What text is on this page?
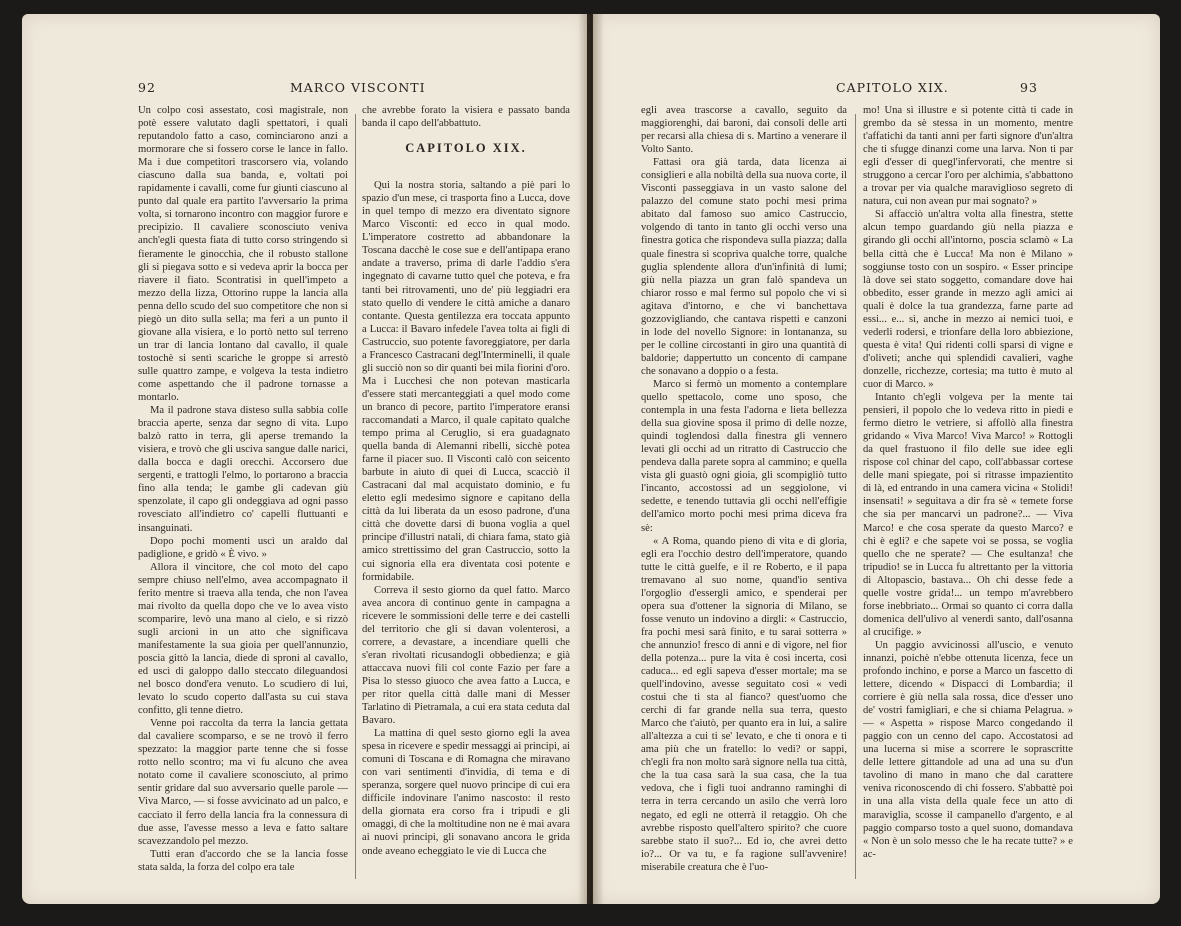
92	MARCO VISCONTI

Un colpo così assestato, così magistrale, non potè essere valutato dagli spettatori, i quali reputandolo fatto a caso, cominciarono anzi a mormorare che si fossero corse le lance in fallo. Ma i due competitori trascorsero via, volando ciascuno dalla sua banda, e, voltati poi rapidamente i cavalli, come fur giunti ciascuno al punto dal quale era partito l'avversario la prima volta, si tornarono incontro con maggior furore e precipizio. Il cavaliere sconosciuto veniva anch'egli questa fiata di tutto corso stringendo sì fieramente le ginocchia, che il robusto stallone gli si piegava sotto e si vedeva aprir la bocca per riavere il fiato. Scontratisi in quell'impeto a mezzo della lizza, Ottorino ruppe la lancia alla penna dello scudo del suo competitore che non si piegò un dito sulla sella; ma ferì a un punto il giovane alla visiera, e lo portò netto sul terreno un trar di lancia lontano dal cavallo, il quale tostochè si sentì scariche le groppe si arrestò sulle quattro zampe, e volgeva la testa indietro come aspettando che il padrone tornasse a montarlo.

Ma il padrone stava disteso sulla sabbia colle braccia aperte, senza dar segno di vita. Lupo balzò ratto in terra, gli aperse tremando la visiera, e trovò che gli usciva sangue dalle narici, dalla bocca e dagli orecchi. Accorsero due sergenti, e trattogli l'elmo, lo portarono a braccia fino alla tenda; le gambe gli cadevan giù spenzolate, il capo gli ondeggiava ad ogni passo rovesciato all'indietro co' capelli fluttuanti e insanguinati.

Dopo pochi momenti uscì un araldo dal padiglione, e gridò « È vivo. »

Allora il vincitore, che col moto del capo sempre chiuso nell'elmo, avea accompagnato il ferito mentre si traeva alla tenda, che non l'avea mai rivolto da quella dopo che ve lo avea visto scomparire, levò una mano al cielo, e si rizzò sugli arcioni in un atto che significava manifestamente la sua gioia per quell'annunzio, poscia gittò la lancia, diede di sproni al cavallo, ed uscì di galoppo dallo steccato dileguandosi nel bosco dond'era venuto. Lo scudiero di lui, levato lo scudo coperto dall'asta su cui stava confitto, gli tenne dietro.

Venne poi raccolta da terra la lancia gettata dal cavaliere scomparso, e se ne trovò il ferro spezzato: la maggior parte tenne che si fosse rotto nello scontro; ma vi fu alcuno che avea notato come il cavaliere sconosciuto, al primo sentir gridare dal suo avversario quelle parole — Viva Marco, — si fosse avvicinato ad un palco, e cacciato il ferro della lancia fra la connessura di due asse, l'avesse messo a leva e fatto saltare scavezzandolo pel mezzo.

Tutti eran d'accordo che se la lancia fosse stata salda, la forza del colpo era tale

che avrebbe forato la visiera e passato banda banda il capo dell'abbattuto.

CAPITOLO XIX.

Qui la nostra storia, saltando a piè pari lo spazio d'un mese, ci trasporta fino a Lucca, dove in quel tempo di mezzo era diventato signore Marco Visconti: ed ecco in qual modo. L'imperatore costretto ad abbandonare la Toscana dacchè le cose sue e dell'antipapa erano andate a traverso, prima di darle l'addio s'era ingegnato di cavarne tutto quel che poteva, e fra tanti bei ritrovamenti, uno de' più leggiadri era stato quello di vendere le città amiche a danaro contante. Questa gentilezza era toccata appunto a Lucca: il Bavaro infedele l'avea tolta ai figli di Castruccio, suo potente favoreggiatore, per darla a Francesco Castracani degl'Interminelli, il quale gli succiò non so dir quanti bei mila fiorini d'oro. Ma i Lucchesi che non potevan masticarla d'essere stati mercanteggiati a quel modo come un branco di pecore, partito l'imperatore eransi raccomandati a Marco, il quale capitato qualche tempo prima al Ceruglio, si era guadagnato quella banda di Alemanni ribelli, sicchè potea farne il piacer suo. Il Visconti calò con seicento barbute in aiuto di quei di Lucca, scacciò il Castracani dal mal acquistato dominio, e fu eletto egli medesimo signore e capitano della città da lui liberata da un esoso padrone, d'una città che dovette darsi di buona voglia a quel principe d'illustri natali, di chiara fama, stato già amico strettissimo del gran Castruccio, sotto la cui signoria ella era diventata così potente e formidabile.

Correva il sesto giorno da quel fatto. Marco avea ancora di continuo gente in campagna a ricevere le sommissioni delle terre e dei castelli del territorio che gli si davan volenterosi, a correre, a devastare, a incendiare quelli che s'eran rivoltati ricusandogli obbedienza; e già attaccava nuovi fili col conte Fazio per fare a Pisa lo stesso giuoco che avea fatto a Lucca, e per ritor quella città dalle mani di Messer Tarlatino di Pietramala, a cui era stata ceduta dal Bavaro.

La mattina di quel sesto giorno egli la avea spesa in ricevere e spedir messaggi ai principi, ai comuni di Toscana e di Romagna che miravano con vari sentimenti d'invidia, di tema e di speranza, sorgere quel nuovo principe di cui era difficile indovinare l'animo nascosto: il resto della giornata era corso fra i tripudi e gli omaggi, di che la moltitudine non ne è mai avara ai nuovi principi, gli sonavano ancora le grida onde aveano echeggiato le vie di Lucca che

CAPITOLO XIX.	93

egli avea trascorse a cavallo, seguito da maggiorenghi, dai baroni, dai consoli delle arti per recarsi alla chiesa di s. Martino a venerare il Volto Santo.

Fattasi ora già tarda, data licenza ai consiglieri e alla nobiltà della sua nuova corte, il Visconti passeggiava in un vasto salone del palazzo del comune stato pochi mesi prima abitato dal famoso suo amico Castruccio, volgendo di tanto in tanto gli occhi verso una finestra gotica che rispondeva sulla piazza; dalla quale finestra si scopriva qualche torre, qualche guglia splendente allora d'un'infinità di lumi; giù nella piazza un gran falò spandeva un chiaror rosso e mal fermo sul popolo che vi si agitava d'intorno, e che vi banchettava gozzovigliando, che cantava rispetti e canzoni in lode del novello Signore: in lontananza, su per le colline circostanti in giro una quantità di baldorie; dappertutto un concento di campane che sonavano a doppio o a festa.

Marco si fermò un momento a contemplare quello spettacolo, come uno sposo, che contempla in una festa l'adorna e lieta bellezza della sua giovine sposa il primo dì delle nozze, quindi toglendosi dalla finestra gli vennero levati gli occhi ad un ritratto di Castruccio che pendeva dalla parete sopra al cammino; e quella vista gli guastò ogni gioia, gli scompigliò tutto l'incanto, accostossi ad un seggiolone, vi sedette, e tenendo tuttavia gli occhi nell'effigie dell'amico morto pochi mesi prima diceva fra sè:

« A Roma, quando pieno di vita e di gloria, egli era l'occhio destro dell'imperatore, quando tutte le città guelfe, e il re Roberto, e il papa tremavano al suo nome, quand'io sentiva l'orgoglio d'essergli amico, e spenderai per opera sua d'ottener la signoria di Milano, se fosse venuto un indovino a dirgli: « Castruccio, fra pochi mesi sarà finito, e tu sarai sotterra » che annunzio! fresco di anni e di vigore, nel fior della potenza... pure la vita è così incerta, così caduca... ed egli sapeva d'esser mortale; ma se quell'indovino, avesse seguitato così « vedi costui che ti sta al fianco? quest'uomo che cerchi di far grande nella sua terra, questo Marco che t'aiutò, per quanto era in lui, a salire all'altezza a cui ti se' levato, e che ti onora e ti ama più che un fratello: lo vedi? or sappi, ch'egli fra non molto sarà signore nella tua città, che la tua casa sarà la sua casa, che la tua vedova, che i figli tuoi andranno raminghi di terra in terra cercando un asilo che verrà loro negato, ed egli ne otterrà il retaggio. Oh che avrebbe risposto quell'altero spirito? che cuore sarebbe stato il suo?... Ed io, che avrei detto io?... Or va tu, e fa ragione sull'avvenire! miserabile creatura che è l'uo-

mo! Una sì illustre e sì potente città ti cade in grembo da sè stessa in un momento, mentre t'affatichi da tanti anni per farti signore d'un'altra che ti sfugge dinanzi come una larva. Non ti par egli d'esser di quegl'infervorati, che mentre si struggono a cercar l'oro per alchimia, s'abbattono a trovar per via qualche maraviglioso segreto di natura, cui non avean pur mai sognato? »

Si affacciò un'altra volta alla finestra, stette alcun tempo guardando giù nella piazza e girando gli occhi all'intorno, poscia sclamò « La bella città che è Lucca! Ma non è Milano » soggiunse tosto con un sospiro. « Esser principe là dove sei stato soggetto, comandare dove hai obbedito, esser grande in mezzo agli amici ai quali è dolce la tua grandezza, farne parte ad essi... e... sì, anche in mezzo ai nemici tuoi, e vederli rodersi, e trionfare della loro abbiezione, questa è vita! Qui ridenti colli sparsi di vigne e d'oliveti; anche qui splendidi cavalieri, vaghe donzelle, ricchezze, cortesia; ma tutto è muto al cuor di Marco. »

Intanto ch'egli volgeva per la mente tai pensieri, il popolo che lo vedeva ritto in piedi e fermo dietro le vetriere, si affollò alla finestra gridando « Viva Marco! Viva Marco! » Rottogli da quel frastuono il filo delle sue idee egli rispose col chinar del capo, coll'abbassar cortese delle mani spiegate, poi si ritrasse impazientito di là, ed entrando in una camera vicina « Stolidi! insensati! » seguitava a dir fra sè « temete forse che sia per mancarvi un padrone?... — Viva Marco! e che cosa sperate da questo Marco? e chi è egli? e che sapete voi se possa, se voglia quello che ne sperate? — Che esultanza! che tripudio! se in Lucca fu altrettanto per la vittoria di Altopascio, bastava... Oh chi desse fede a quelle vostre grida!... un tempo m'avrebbero forse inebbriato... Ormai so quanto ci corra dalla domenica dell'ulivo al venerdì santo, dall'osanna al crucifige. »

Un paggio avvicinossi all'uscio, e venuto innanzi, poichè n'ebbe ottenuta licenza, fece un profondo inchino, e porse a Marco un fascetto di lettere, dicendo « Dispacci di Lombardia; il corriere è giù nella sala rossa, dice d'esser uno de' vostri famigliari, e che si chiama Pelagrua. » — « Aspetta » rispose Marco congedando il paggio con un cenno del capo. Accostatosi ad una lucerna si mise a scorrere le soprascritte delle lettere gittandole ad una ad una su d'un tavolino di mano in mano che dal carattere veniva riconoscendo di chi fossero. S'abbattè poi in una alla vista della quale fece un atto di maraviglia, scosse il campanello d'argento, e al paggio comparso tosto a quel suono, domandava « Non è un solo messo che le ha recate tutte? » e ac-
